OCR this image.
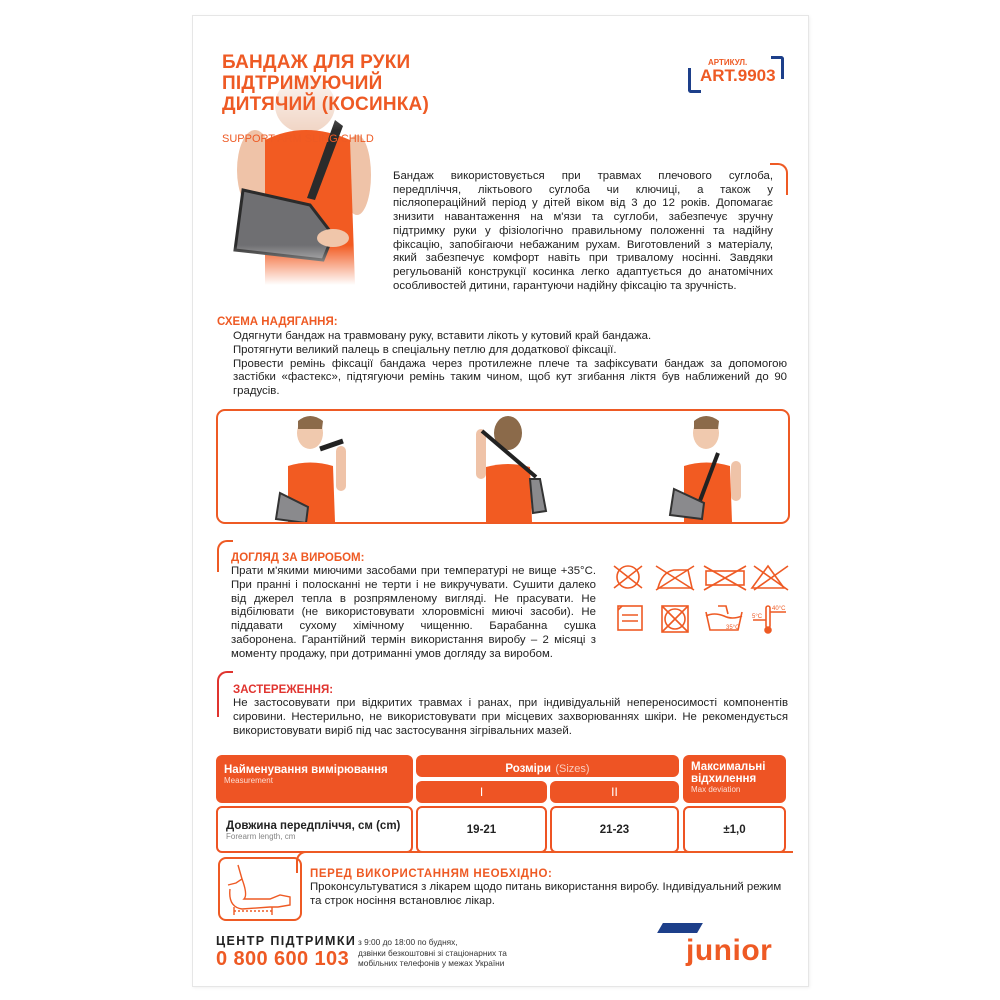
БАНДАЖ ДЛЯ РУКИ
ПІДТРИМУЮЧИЙ
ДИТЯЧИЙ (КОСИНКА)
SUPPORT ARM SLING CHILD
АРТИКУЛ.
ART.9903
Бандаж використовується при травмах плечового суглоба, передпліччя, ліктьового суглоба чи ключиці, а також у післяопераційний період у дітей віком від 3 до 12 років. Допомагає знизити навантаження на м'язи та суглоби, забезпечує зручну підтримку руки у фізіологічно правильному положенні та надійну фіксацію, запобігаючи небажаним рухам. Виготовлений з матеріалу, який забезпечує комфорт навіть при тривалому носінні. Завдяки регульованій конструкції косинка легко адаптується до анатомічних особливостей дитини, гарантуючи надійну фіксацію та зручність.
СХЕМА НАДЯГАННЯ:
Одягнути бандаж на травмовану руку, вставити лікоть у кутовий край бандажа.
Протягнути великий палець в спеціальну петлю для додаткової фіксації.
Провести ремінь фіксації бандажа через протилежне плече та зафіксувати бандаж за допомогою застібки «фастекс», підтягуючи ремінь таким чином, щоб кут згибання ліктя був наближений до 90 градусів.
ДОГЛЯД ЗА ВИРОБОМ:

Прати м'якими миючими засобами при температурі не вище +35°С. При пранні і полосканні не терти і не викручувати. Сушити далеко від джерел тепла в розпрямленому вигляді. Не прасувати. Не відбілювати (не використовувати хлоровмісні миючі засоби). Не піддавати сухому хімічному чищенню. Барабанна сушка заборонена. Гарантійний термін використання виробу – 2 місяці з моменту продажу, при дотриманні умов догляду за виробом.

35°C
5°C
40°C
ЗАСТЕРЕЖЕННЯ:

Не застосовувати при відкритих травмах і ранах, при індивідуальній непереносимості компонентів сировини. Нестерильно, не використовувати при місцевих захворюваннях шкіри. Не рекомендується використовувати виріб під час застосування зігрівальних мазей.

Найменування вимірювання
Measurement
Розміри (Sizes)
I	II
Максимальні відхилення
Max deviation
Довжина передпліччя, см (cm)
Forearm length, cm
19-21	21-23	±1,0
ПЕРЕД ВИКОРИСТАННЯМ НЕОБХІДНО:

Проконсультуватися з лікарем щодо питань використання виробу. Індивідуальний режим та строк носіння встановлює лікар.

ЦЕНТР ПІДТРИМКИ
0 800 600 103
з 9:00 до 18:00 по буднях,
дзвінки безкоштовні зі стаціонарних та
мобільних телефонів у межах України	junior
